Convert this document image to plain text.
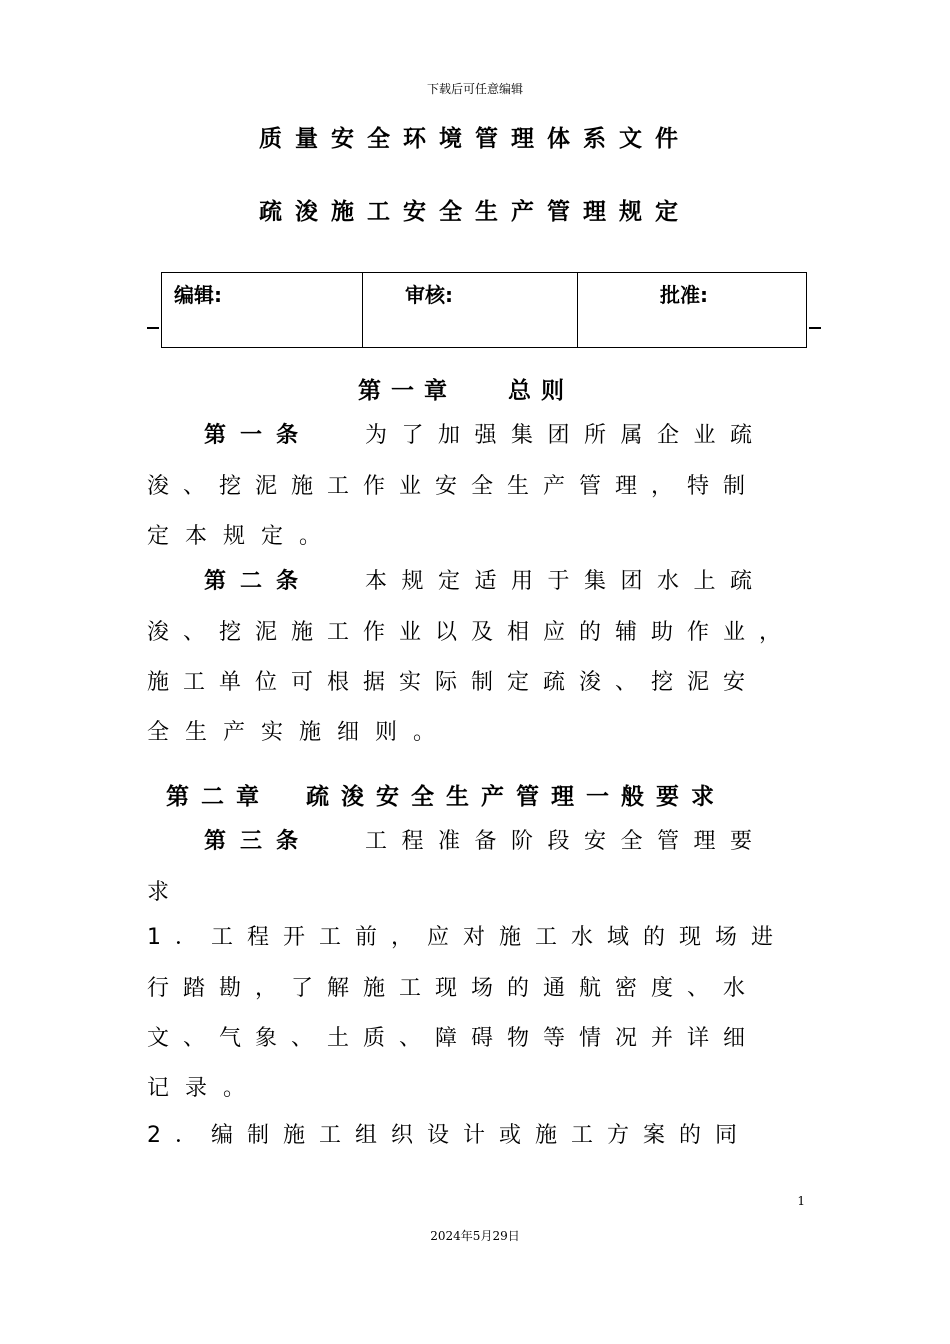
下载后可任意编辑
质量安全环境管理体系文件
疏浚施工安全生产管理规定
编辑:	审核:	批准:
第一章　 总则
第一条 为了加强集团所属企业疏
浚、挖泥施工作业安全生产管理，特制
定本规定。
第二条 本规定适用于集团水上疏
浚、挖泥施工作业以及相应的辅助作业，
施工单位可根据实际制定疏浚、挖泥安
全生产实施细则。
第二章　疏浚安全生产管理一般要求
第三条 工程准备阶段安全管理要
求
1．工程开工前，应对施工水域的现场进
行踏勘，了解施工现场的通航密度、水
文、气象、土质、障碍物等情况并详细
记录。
2．编制施工组织设计或施工方案的同
1
2024年5月29日
